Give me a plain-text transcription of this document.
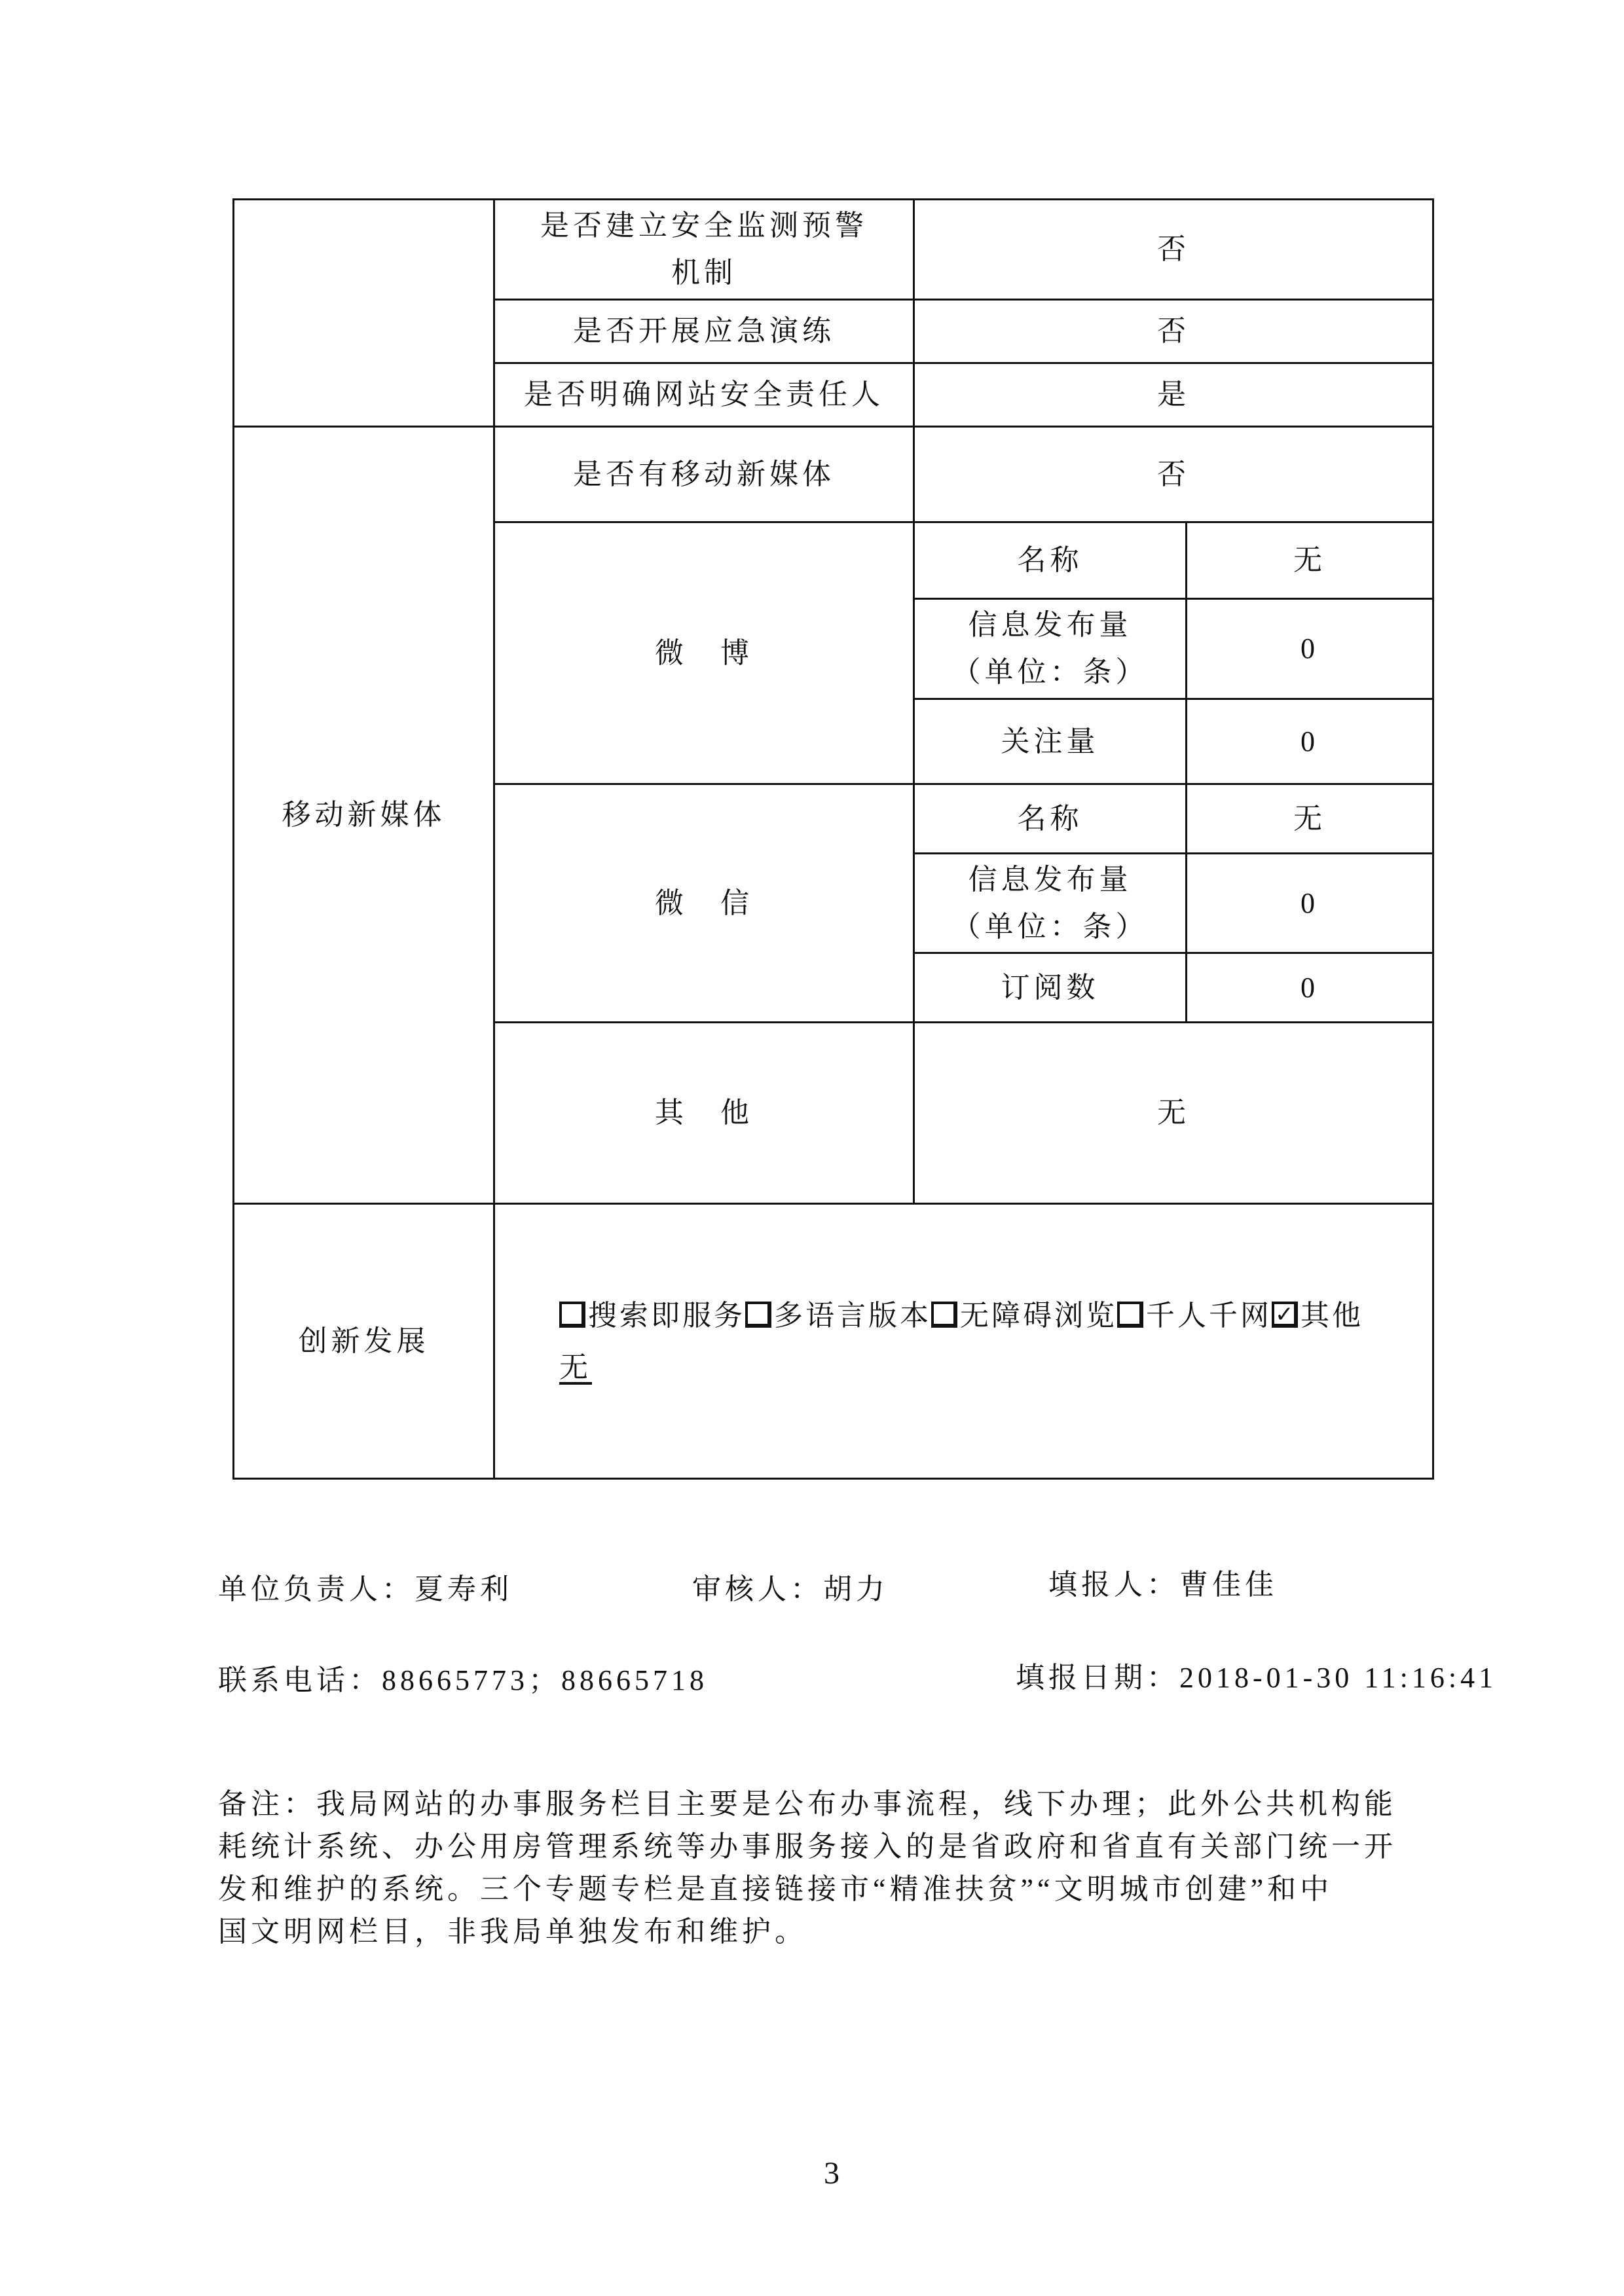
	是否建立安全监测预警机制	否	
	是否开展应急演练	否	
	是否明确网站安全责任人	是	
移动新媒体	是否有移动新媒体	否	
	微　博	名称	无

		信息发布量
（单位：条）	0
		关注量	0
	微　信	名称	无

		信息发布量
（单位：条）	0
		订阅数	0
	其　他	无	
创新发展	搜索即服务 多语言版本 无障碍浏览 千人千网 ✓ 其他
无
单位负责人：夏寿利	审核人：胡力	填报人：曹佳佳
联系电话：88665773；88665718	填报日期：2018-01-30 11:16:41
备注：我局网站的办事服务栏目主要是公布办事流程，线下办理；此外公共机构能
耗统计系统、办公用房管理系统等办事服务接入的是省政府和省直有关部门统一开
发和维护的系统。三个专题专栏是直接链接市“精准扶贫”“文明城市创建”和中
国文明网栏目，非我局单独发布和维护。
3
